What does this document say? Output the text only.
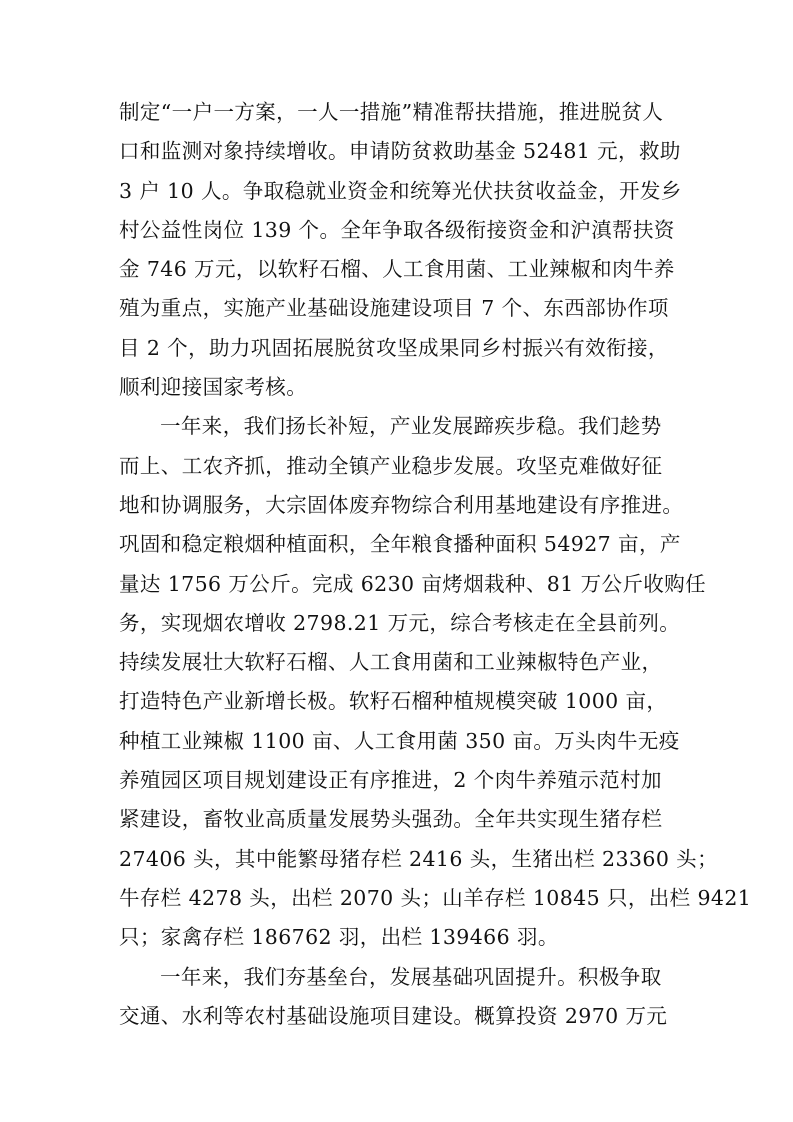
制定“一户一方案，一人一措施”精准帮扶措施，推进脱贫人
口和监测对象持续增收。申请防贫救助基金 52481 元，救助
3 户 10 人。争取稳就业资金和统筹光伏扶贫收益金，开发乡
村公益性岗位 139 个。全年争取各级衔接资金和沪滇帮扶资
金 746 万元，以软籽石榴、人工食用菌、工业辣椒和肉牛养
殖为重点，实施产业基础设施建设项目 7 个、东西部协作项
目 2 个，助力巩固拓展脱贫攻坚成果同乡村振兴有效衔接，
顺利迎接国家考核。
一年来，我们扬长补短，产业发展蹄疾步稳。我们趁势
而上、工农齐抓，推动全镇产业稳步发展。攻坚克难做好征
地和协调服务，大宗固体废弃物综合利用基地建设有序推进。
巩固和稳定粮烟种植面积，全年粮食播种面积 54927 亩，产
量达 1756 万公斤。完成 6230 亩烤烟栽种、81 万公斤收购任
务，实现烟农增收 2798.21 万元，综合考核走在全县前列。
持续发展壮大软籽石榴、人工食用菌和工业辣椒特色产业，
打造特色产业新增长极。软籽石榴种植规模突破 1000 亩，
种植工业辣椒 1100 亩、人工食用菌 350 亩。万头肉牛无疫
养殖园区项目规划建设正有序推进，2 个肉牛养殖示范村加
紧建设，畜牧业高质量发展势头强劲。全年共实现生猪存栏
27406 头，其中能繁母猪存栏 2416 头，生猪出栏 23360 头；
牛存栏 4278 头，出栏 2070 头；山羊存栏 10845 只，出栏 9421
只；家禽存栏 186762 羽，出栏 139466 羽。
一年来，我们夯基垒台，发展基础巩固提升。积极争取
交通、水利等农村基础设施项目建设。概算投资 2970 万元
